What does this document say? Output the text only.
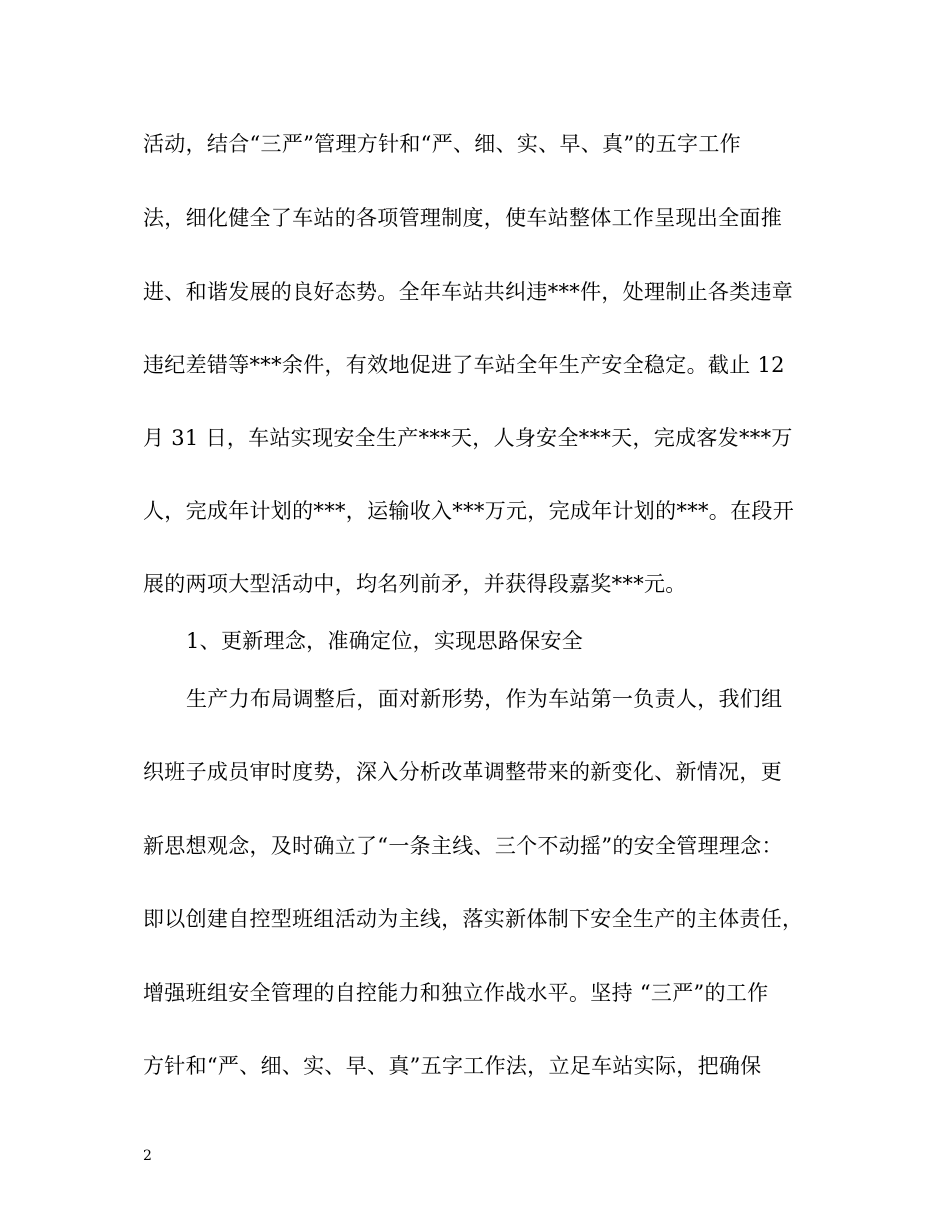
活动，结合“三严”管理方针和“严、细、实、早、真”的五字工作
法，细化健全了车站的各项管理制度，使车站整体工作呈现出全面推
进、和谐发展的良好态势。全年车站共纠违***件，处理制止各类违章
违纪差错等***余件，有效地促进了车站全年生产安全稳定。截止 12
月 31 日，车站实现安全生产***天，人身安全***天，完成客发***万
人，完成年计划的***，运输收入***万元，完成年计划的***。在段开
展的两项大型活动中，均名列前矛，并获得段嘉奖***元。
1、更新理念，准确定位，实现思路保安全
生产力布局调整后，面对新形势，作为车站第一负责人，我们组
织班子成员审时度势，深入分析改革调整带来的新变化、新情况，更
新思想观念，及时确立了“一条主线、三个不动摇”的安全管理理念：
即以创建自控型班组活动为主线，落实新体制下安全生产的主体责任，
增强班组安全管理的自控能力和独立作战水平。坚持 “三严”的工作
方针和“严、细、实、早、真”五字工作法，立足车站实际，把确保
2
